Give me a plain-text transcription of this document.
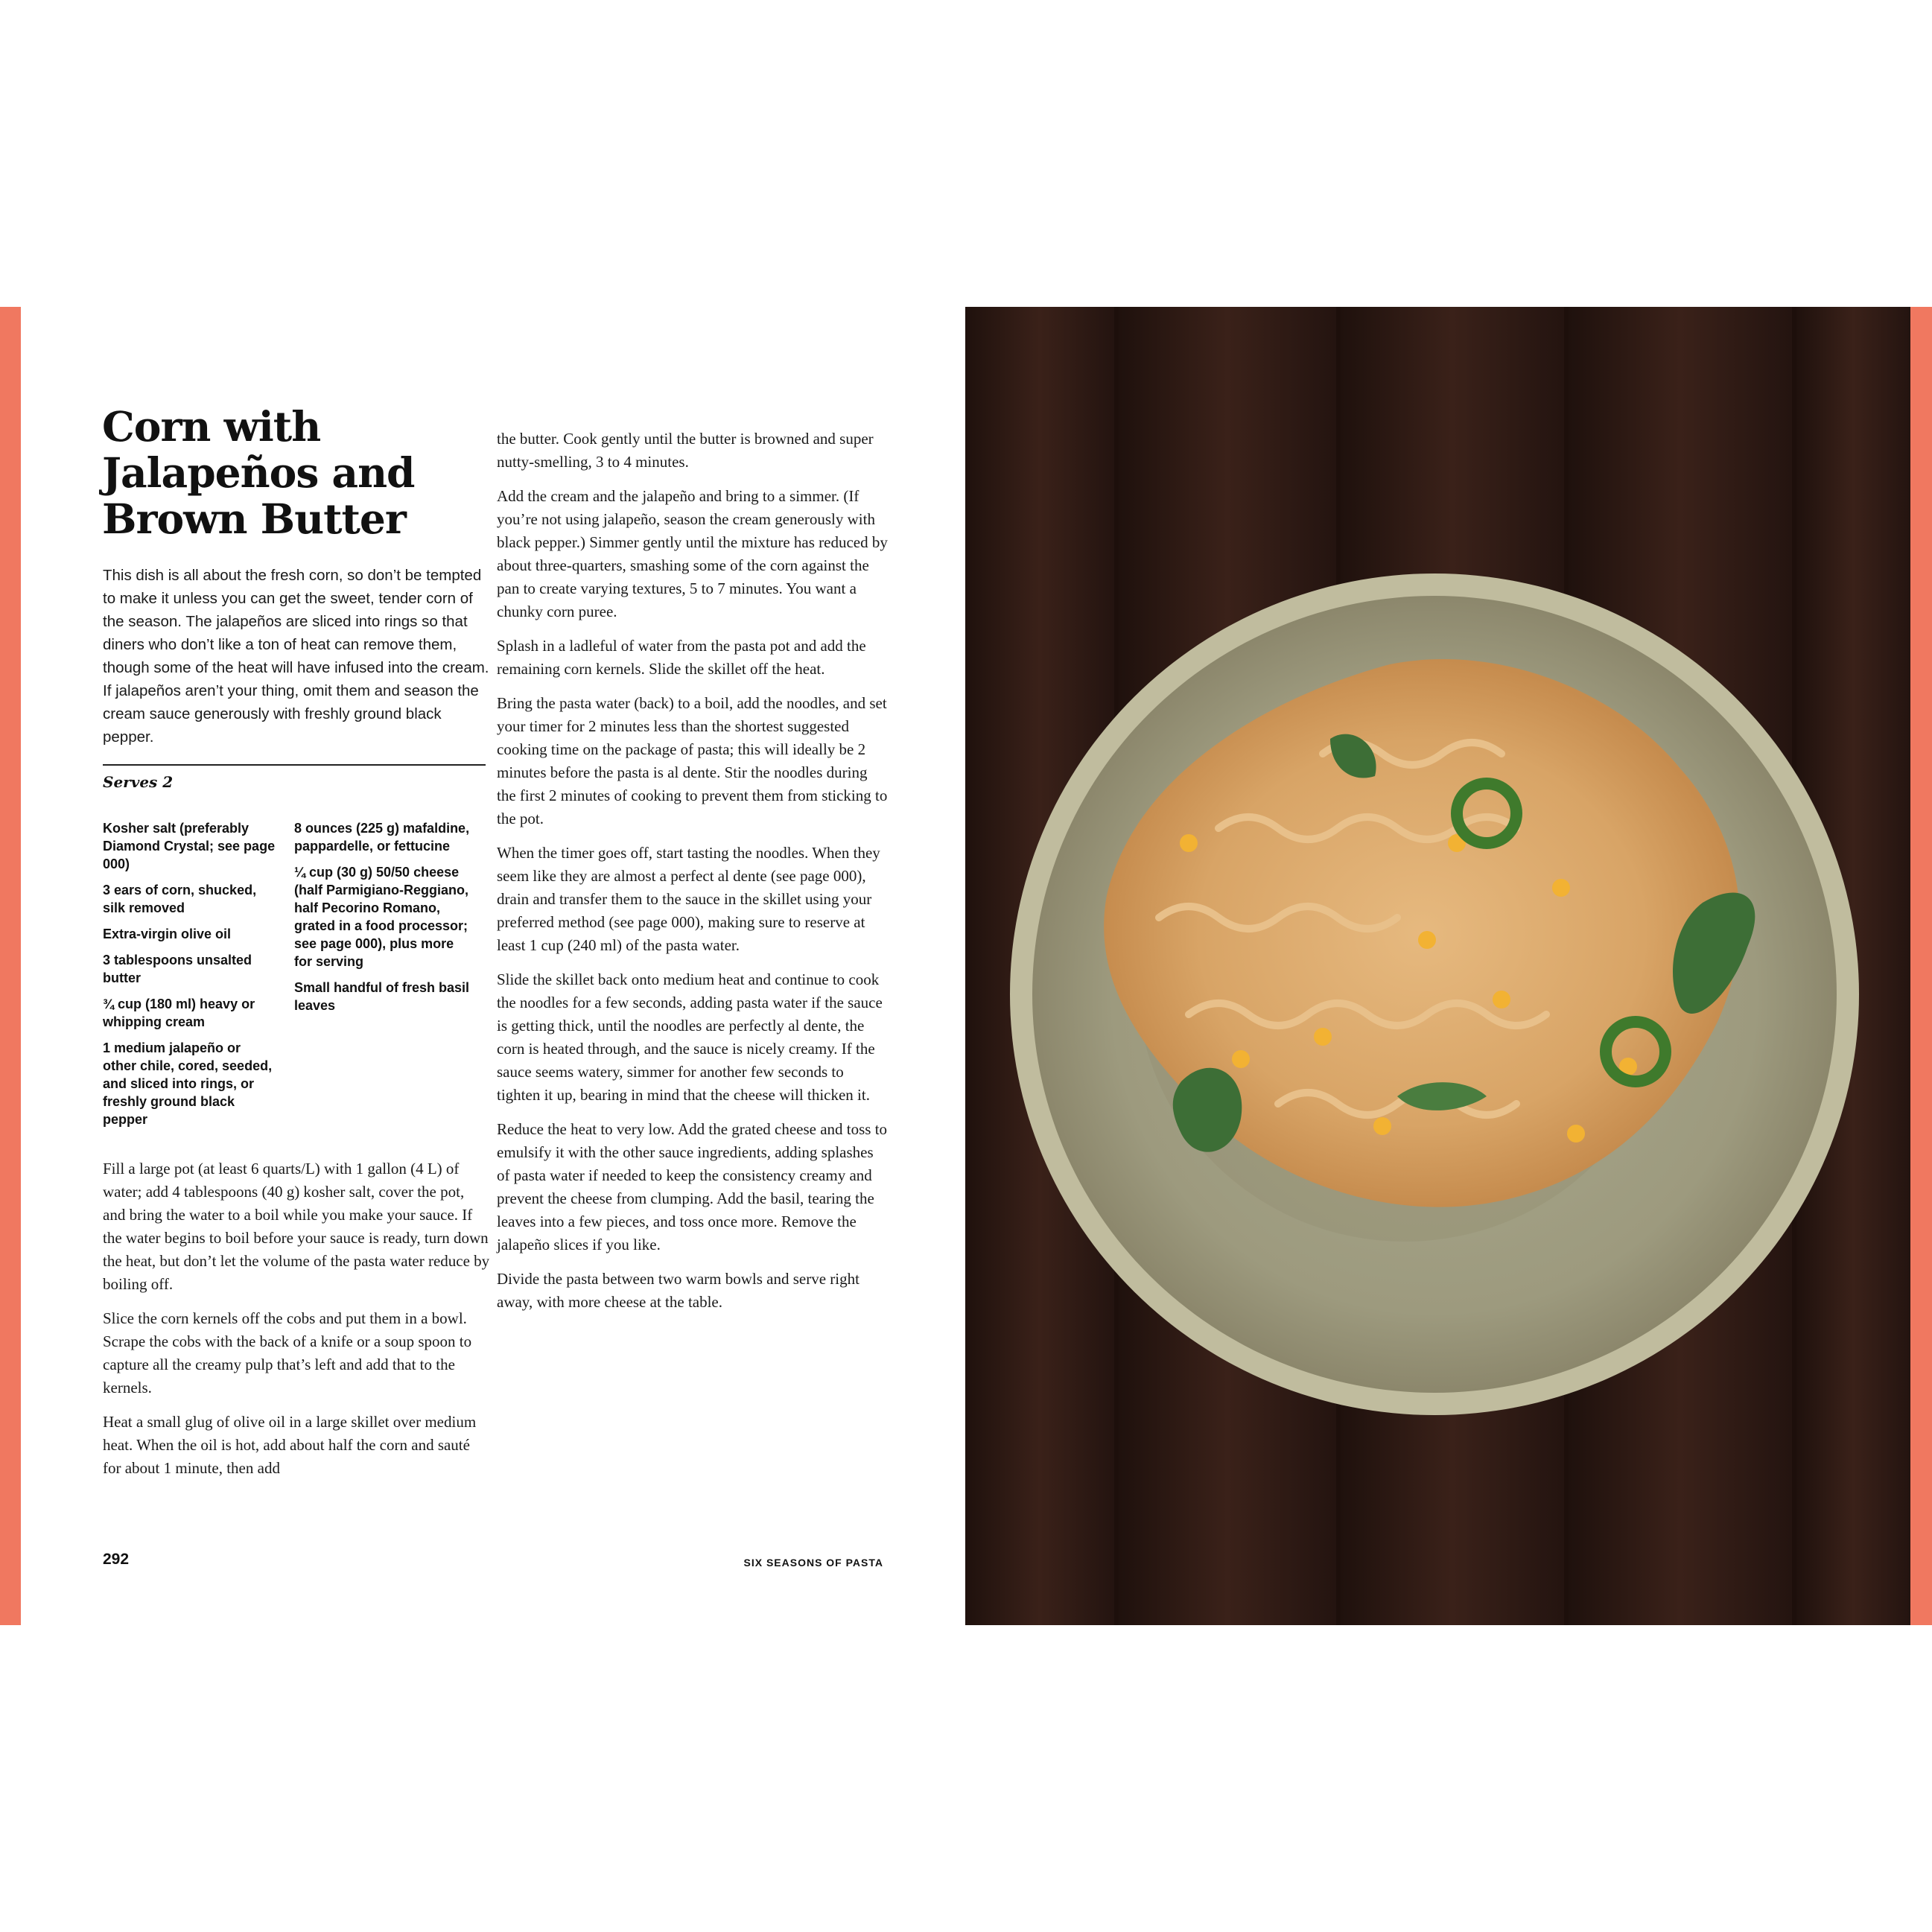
Corn with
Jalapeños and
Brown Butter
This dish is all about the fresh corn, so don’t be tempted to make it unless you can get the sweet, tender corn of the season. The jalapeños are sliced into rings so that diners who don’t like a ton of heat can remove them, though some of the heat will have infused into the cream. If jalapeños aren’t your thing, omit them and season the cream sauce generously with freshly ground black pepper.
Serves 2
Kosher salt (preferably Diamond Crystal; see page 000)
3 ears of corn, shucked, silk removed
Extra-virgin olive oil
3 tablespoons unsalted butter
¾ cup (180 ml) heavy or whipping cream
1 medium jalapeño or other chile, cored, seeded, and sliced into rings, or freshly ground black pepper
8 ounces (225 g) mafaldine, pappardelle, or fettucine
¼ cup (30 g) 50/50 cheese (half Parmigiano-Reggiano, half Pecorino Romano, grated in a food processor; see page 000), plus more for serving
Small handful of fresh basil leaves

Fill a large pot (at least 6 quarts/L) with 1 gallon (4 L) of water; add 4 tablespoons (40 g) kosher salt, cover the pot, and bring the water to a boil while you make your sauce. If the water begins to boil before your sauce is ready, turn down the heat, but don’t let the volume of the pasta water reduce by boiling off.

Slice the corn kernels off the cobs and put them in a bowl. Scrape the cobs with the back of a knife or a soup spoon to capture all the creamy pulp that’s left and add that to the kernels.

Heat a small glug of olive oil in a large skillet over medium heat. When the oil is hot, add about half the corn and sauté for about 1 minute, then add

the butter. Cook gently until the butter is browned and super nutty-smelling, 3 to 4 minutes.

Add the cream and the jalapeño and bring to a simmer. (If you’re not using jalapeño, season the cream generously with black pepper.) Simmer gently until the mixture has reduced by about three-quarters, smashing some of the corn against the pan to create varying textures, 5 to 7 minutes. You want a chunky corn puree.

Splash in a ladleful of water from the pasta pot and add the remaining corn kernels. Slide the skillet off the heat.

Bring the pasta water (back) to a boil, add the noodles, and set your timer for 2 minutes less than the shortest suggested cooking time on the package of pasta; this will ideally be 2 minutes before the pasta is al dente. Stir the noodles during the first 2 minutes of cooking to prevent them from sticking to the pot.

When the timer goes off, start tasting the noodles. When they seem like they are almost a perfect al dente (see page 000), drain and transfer them to the sauce in the skillet using your preferred method (see page 000), making sure to reserve at least 1 cup (240 ml) of the pasta water.

Slide the skillet back onto medium heat and continue to cook the noodles for a few seconds, adding pasta water if the sauce is getting thick, until the noodles are perfectly al dente, the corn is heated through, and the sauce is nicely creamy. If the sauce seems watery, simmer for another few seconds to tighten it up, bearing in mind that the cheese will thicken it.

Reduce the heat to very low. Add the grated cheese and toss to emulsify it with the other sauce ingredients, adding splashes of pasta water if needed to keep the consistency creamy and prevent the cheese from clumping. Add the basil, tearing the leaves into a few pieces, and toss once more. Remove the jalapeño slices if you like.

Divide the pasta between two warm bowls and serve right away, with more cheese at the table.

292	SIX SEASONS OF PASTA
